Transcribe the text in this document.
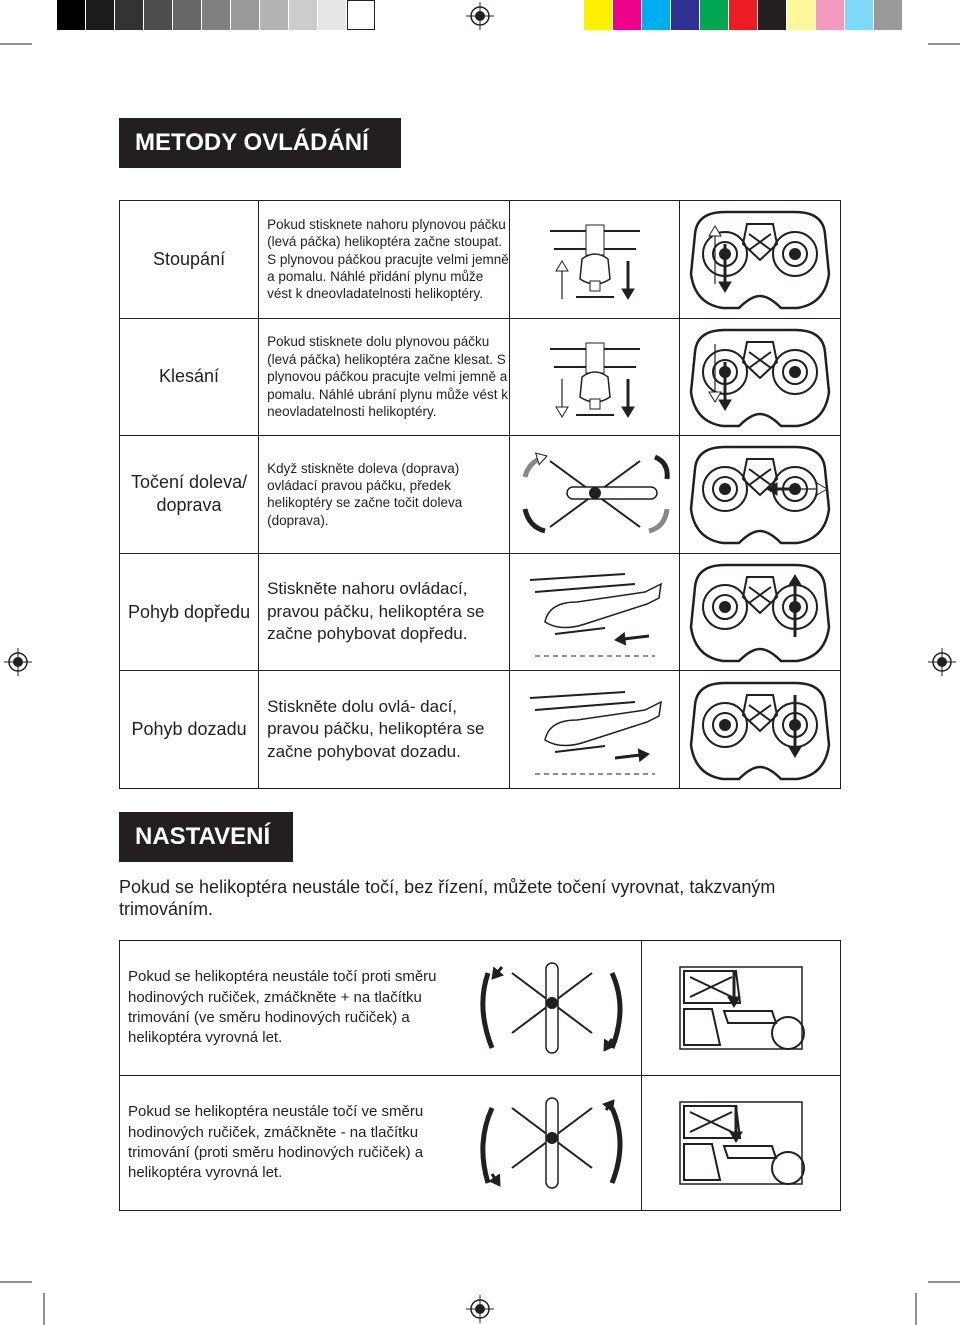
METODY OVLÁDÁNÍ
Stoupání	Pokud stisknete nahoru plynovou páčku (levá páčka) helikoptéra začne stoupat. S plynovou páčkou pracujte velmi jemně a pomalu. Náhlé přidání plynu může vést k dneovladatelnosti helikoptéry.	

Klesání	Pokud stisknete dolu plynovou páčku (levá páčka) helikoptéra začne klesat. S plynovou páčkou pracujte velmi jemně a pomalu. Náhlé ubrání plynu může vést k neovladatelnosti helikoptéry.	

Točení doleva/ doprava	Když stiskněte doleva (doprava) ovládací pravou páčku, předek helikoptéry se začne točit doleva (doprava).	

Pohyb dopředu	Stiskněte nahoru ovládací, pravou páčku, helikoptéra se začne pohybovat dopředu.	

Pohyb dozadu	Stiskněte dolu ovlá- dací, pravou páčku, helikoptéra se začne pohybovat dozadu.	

NASTAVENÍ
Pokud se helikoptéra neustále točí, bez řízení, můžete točení vyrovnat, takzvaným trimováním.
Pokud se helikoptéra neustále točí proti směru hodinových ručiček, zmáčkněte + na tlačítku trimování (ve směru hodinových ručiček) a helikoptéra vyrovná let.	

Pokud se helikoptéra neustále točí ve směru hodinových ručiček, zmáčkněte - na tlačítku trimování (proti směru hodinových ručiček) a helikoptéra vyrovná let.	
